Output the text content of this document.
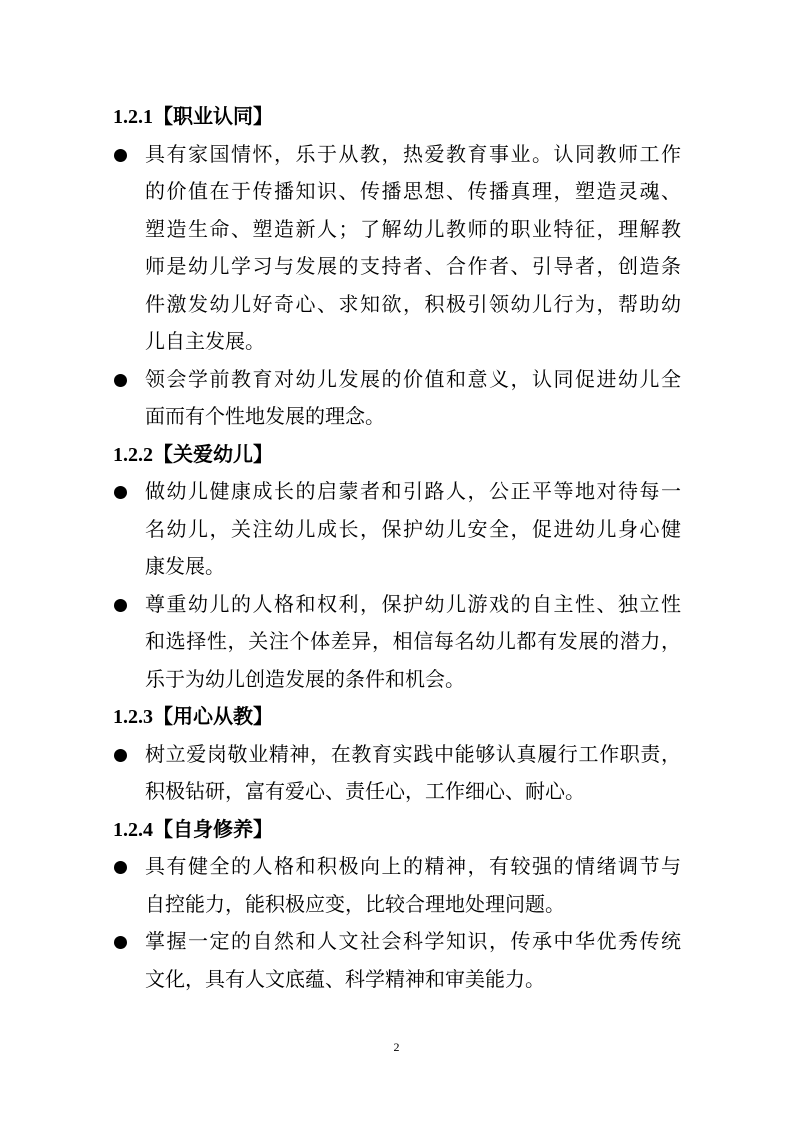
1.2.1【职业认同】
具有家国情怀，乐于从教，热爱教育事业。认同教师工作
的价值在于传播知识、传播思想、传播真理，塑造灵魂、
塑造生命、塑造新人；了解幼儿教师的职业特征，理解教
师是幼儿学习与发展的支持者、合作者、引导者，创造条
件激发幼儿好奇心、求知欲，积极引领幼儿行为，帮助幼
儿自主发展。
领会学前教育对幼儿发展的价值和意义，认同促进幼儿全
面而有个性地发展的理念。
1.2.2【关爱幼儿】
做幼儿健康成长的启蒙者和引路人，公正平等地对待每一
名幼儿，关注幼儿成长，保护幼儿安全，促进幼儿身心健
康发展。
尊重幼儿的人格和权利，保护幼儿游戏的自主性、独立性
和选择性，关注个体差异，相信每名幼儿都有发展的潜力，
乐于为幼儿创造发展的条件和机会。
1.2.3【用心从教】
树立爱岗敬业精神，在教育实践中能够认真履行工作职责，
积极钻研，富有爱心、责任心，工作细心、耐心。
1.2.4【自身修养】
具有健全的人格和积极向上的精神，有较强的情绪调节与
自控能力，能积极应变，比较合理地处理问题。
掌握一定的自然和人文社会科学知识，传承中华优秀传统
文化，具有人文底蕴、科学精神和审美能力。
2
